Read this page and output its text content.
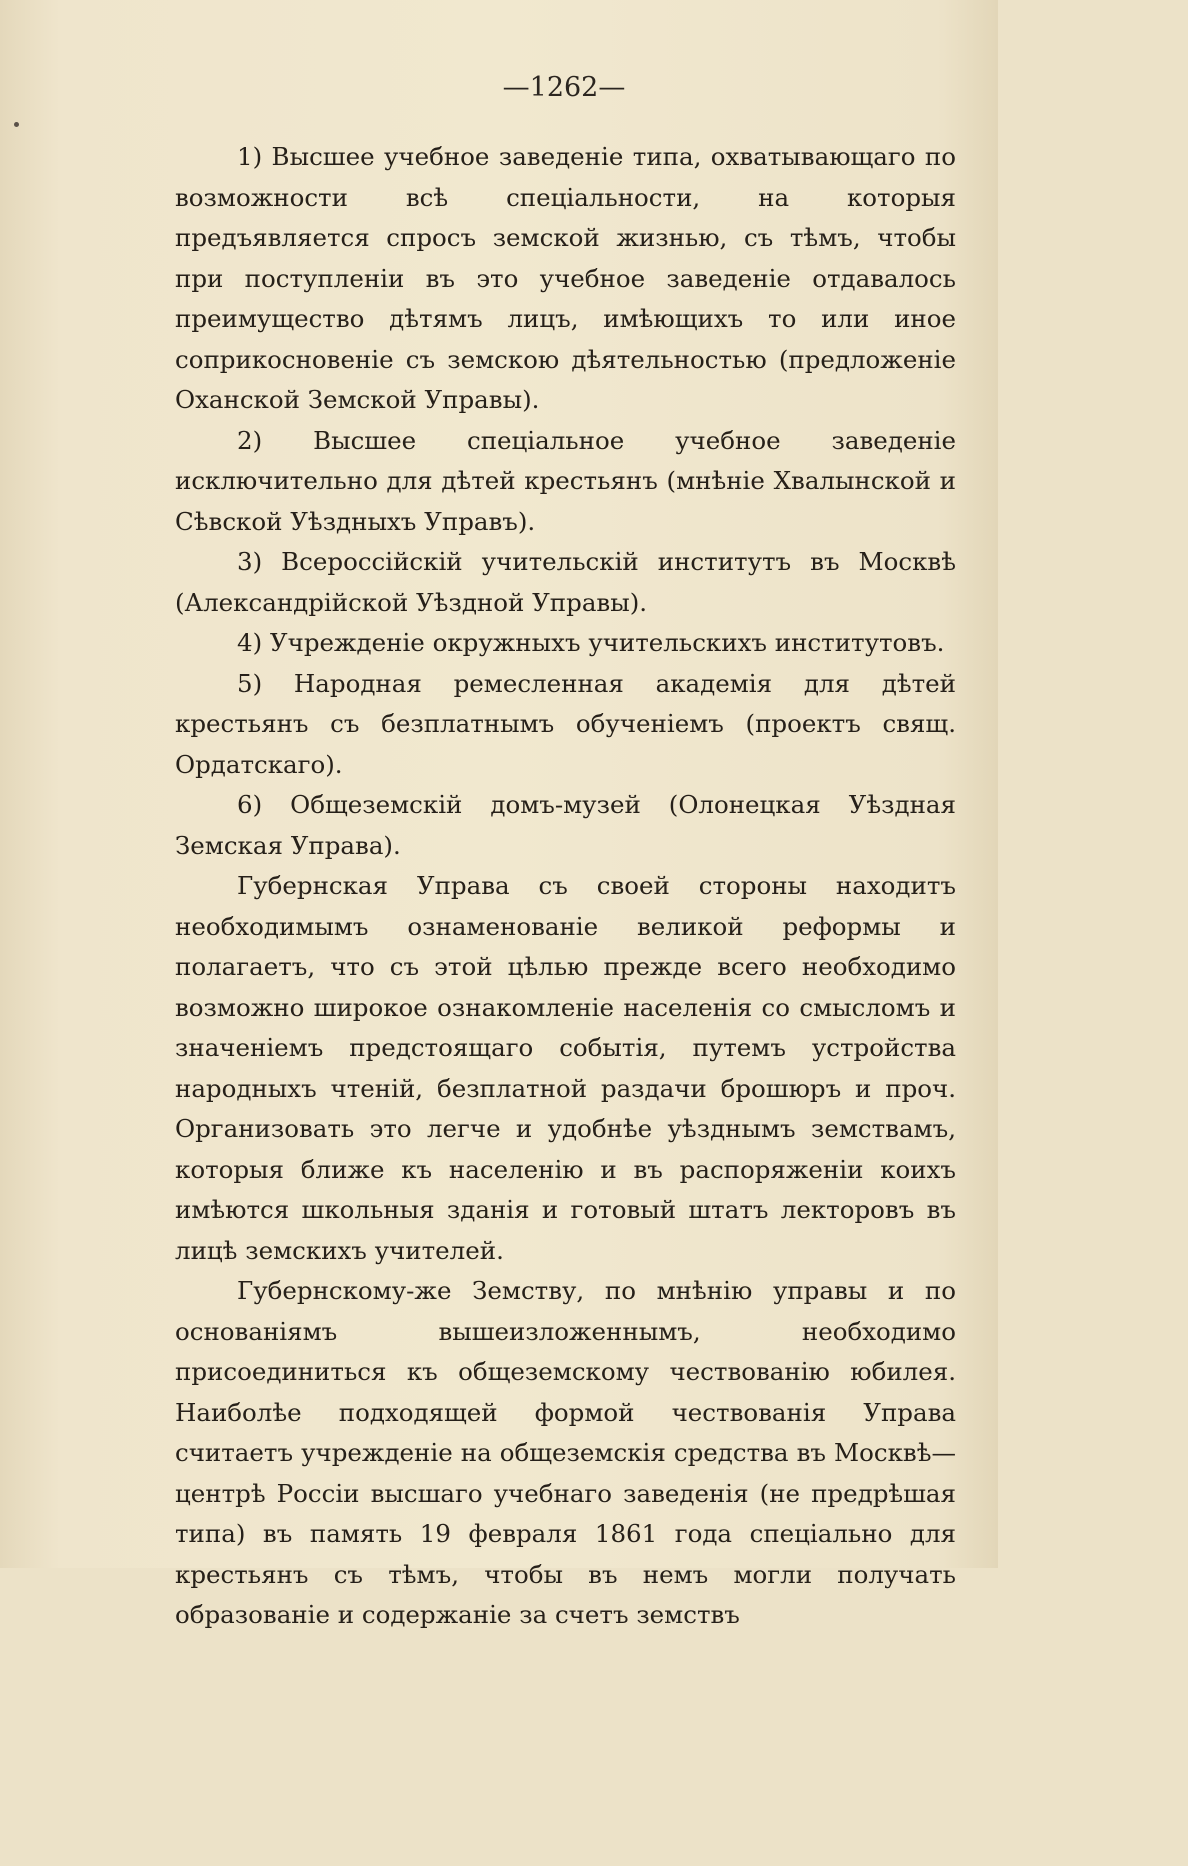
—1262—

1) Высшее учебное заведеніе типа, охватывающаго по возможности всѣ спеціальности, на которыя предъявляется спросъ земской жизнью, съ тѣмъ, чтобы при поступленіи въ это учебное заведеніе отдавалось преимущество дѣтямъ лицъ, имѣющихъ то или иное соприкосновеніе съ земскою дѣятельностью (предложеніе Оханской Земской Управы).

2) Высшее спеціальное учебное заведеніе исключительно для дѣтей крестьянъ (мнѣніе Хвалынской и Сѣвской Уѣздныхъ Управъ).

3) Всероссійскій учительскій институтъ въ Москвѣ (Александрійской Уѣздной Управы).

4) Учрежденіе окружныхъ учительскихъ институтовъ.

5) Народная ремесленная академія для дѣтей крестьянъ съ безплатнымъ обученіемъ (проектъ свящ. Ордатскаго).

6) Общеземскій домъ-музей (Олонецкая Уѣздная Земская Управа).

Губернская Управа съ своей стороны находитъ необходимымъ ознаменованіе великой реформы и полагаетъ, что съ этой цѣлью прежде всего необходимо возможно широкое ознакомленіе населенія со смысломъ и значеніемъ предстоящаго событія, путемъ устройства народныхъ чтеній, безплатной раздачи брошюръ и проч. Организовать это легче и удобнѣе уѣзднымъ земствамъ, которыя ближе къ населенію и въ распоряженіи коихъ имѣются школьныя зданія и готовый штатъ лекторовъ въ лицѣ земскихъ учителей.

Губернскому-же Земству, по мнѣнію управы и по основаніямъ вышеизложеннымъ, необходимо присоединиться къ общеземскому чествованію юбилея. Наиболѣе подходящей формой чествованія Управа считаетъ учрежденіе на общеземскія средства въ Москвѣ— центрѣ Россіи высшаго учебнаго заведенія (не предрѣшая типа) въ память 19 февраля 1861 года спеціально для крестьянъ съ тѣмъ, чтобы въ немъ могли получать образованіе и содержаніе за счетъ земствъ
